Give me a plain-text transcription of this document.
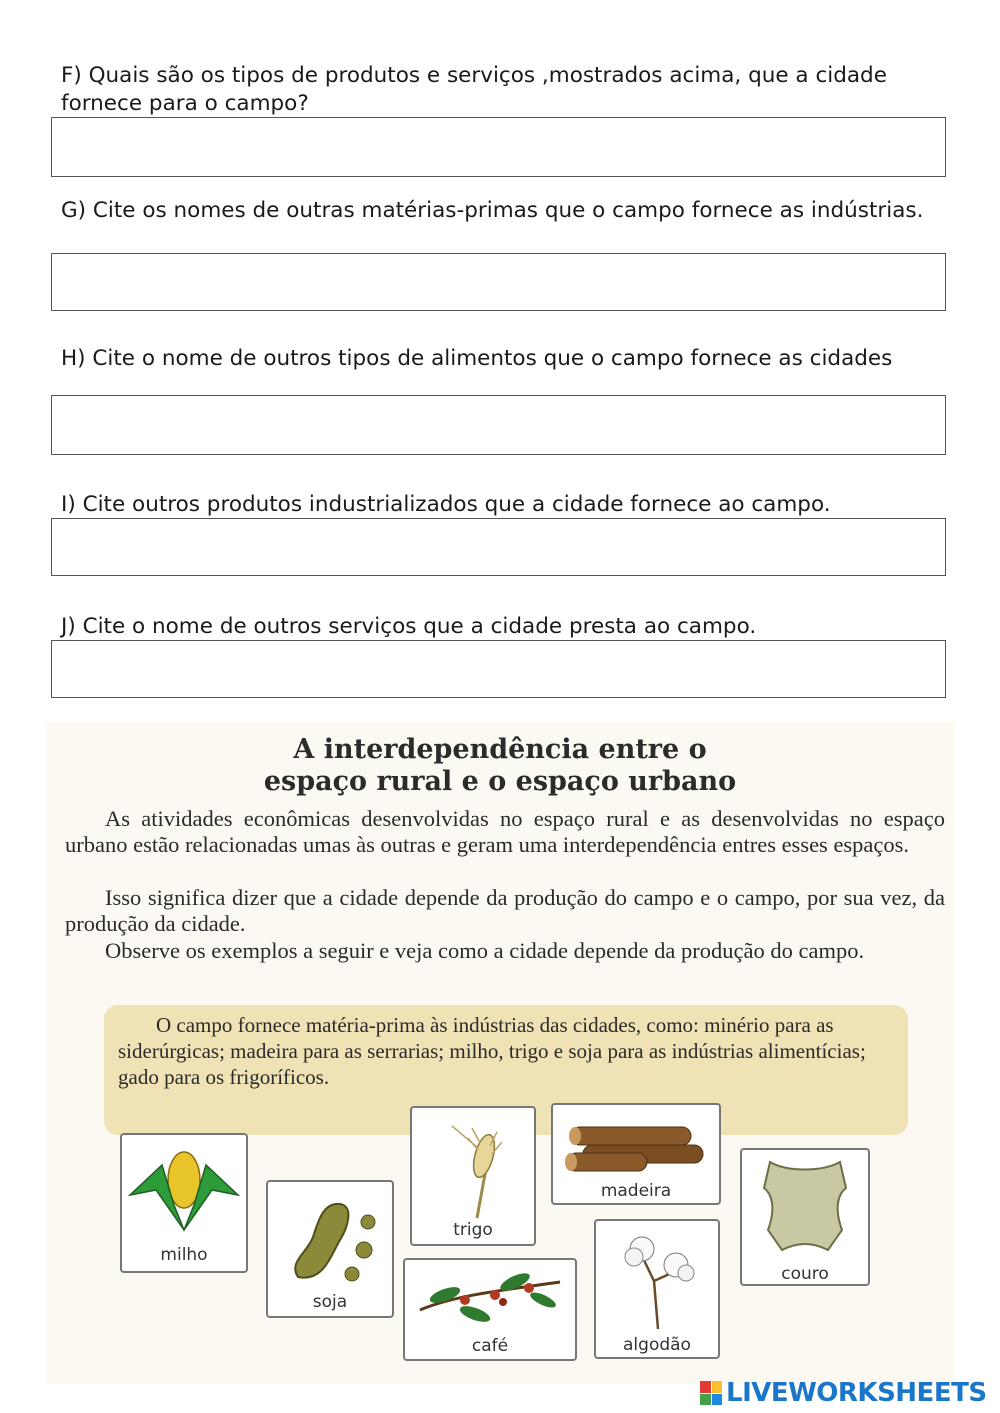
F) Quais são os tipos de produtos e serviços ,mostrados acima, que a cidade fornece para o campo?

G) Cite os nomes de outras matérias-primas que o campo fornece as indústrias.

H) Cite o nome de outros tipos de alimentos que o campo fornece as cidades

I) Cite outros produtos industrializados que a cidade fornece ao campo.

J) Cite o nome de outros serviços que a cidade presta ao campo.

A interdependência entre o
espaço rural e o espaço urbano

As atividades econômicas desenvolvidas no espaço rural e as desenvolvidas no espaço urbano estão relacionadas umas às outras e geram uma interdependência entres esses espaços.

Isso significa dizer que a cidade depende da produção do campo e o campo, por sua vez, da produção da cidade.

Observe os exemplos a seguir e veja como a cidade depende da produção do campo.

O campo fornece matéria-prima às indústrias das cidades, como: minério para as siderúrgicas; madeira para as serrarias; milho, trigo e soja para as indústrias alimentícias; gado para os frigoríficos.

milho
soja
trigo
madeira
couro
café	algodão
LIVEWORKSHEETS
